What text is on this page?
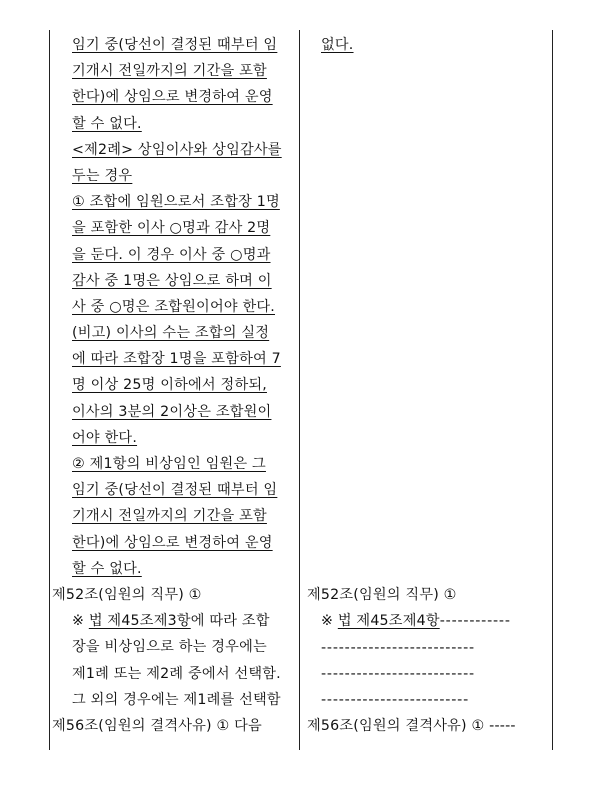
임기 중(당선이 결정된 때부터 임
기개시 전일까지의 기간을 포함
한다)에 상임으로 변경하여 운영
할 수 없다.
<제2례> 상임이사와 상임감사를
두는 경우
① 조합에 임원으로서 조합장 1명
을 포함한 이사 ○명과 감사 2명
을 둔다. 이 경우 이사 중 ○명과
감사 중 1명은 상임으로 하며 이
사 중 ○명은 조합원이어야 한다.
(비고) 이사의 수는 조합의 실정
에 따라 조합장 1명을 포함하여 7
명 이상 25명 이하에서 정하되,
이사의 3분의 2이상은 조합원이
어야 한다.
② 제1항의 비상임인 임원은 그
임기 중(당선이 결정된 때부터 임
기개시 전일까지의 기간을 포함
한다)에 상임으로 변경하여 운영
할 수 없다.
제52조(임원의 직무) ①
※ 법 제45조제3항에 따라 조합
장을 비상임으로 하는 경우에는
제1례 또는 제2례 중에서 선택함.
그 외의 경우에는 제1례를 선택함
제56조(임원의 결격사유) ① 다음
없다.
제52조(임원의 직무) ①
※ 법 제45조제4항------------
--------------------------
--------------------------
-------------------------
제56조(임원의 결격사유) ① -----
